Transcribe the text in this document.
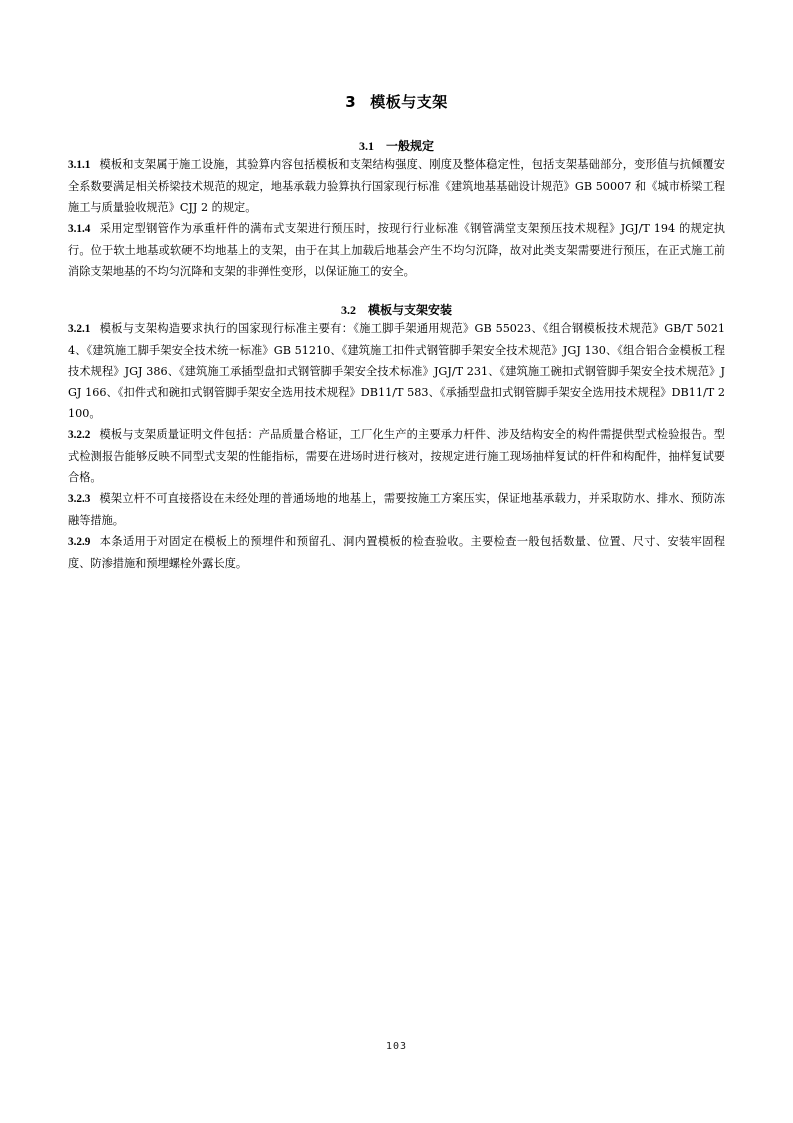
3 模板与支架
3.1 一般规定

3.1.1 模板和支架属于施工设施，其验算内容包括模板和支架结构强度、刚度及整体稳定性，包括支架基础部分，变形值与抗倾覆安全系数要满足相关桥梁技术规范的规定，地基承载力验算执行国家现行标准《建筑地基基础设计规范》GB 50007 和《城市桥梁工程施工与质量验收规范》CJJ 2 的规定。

3.1.4 采用定型钢管作为承重杆件的满布式支架进行预压时，按现行行业标准《钢管满堂支架预压技术规程》JGJ/T 194 的规定执行。位于软土地基或软硬不均地基上的支架，由于在其上加载后地基会产生不均匀沉降，故对此类支架需要进行预压，在正式施工前消除支架地基的不均匀沉降和支架的非弹性变形，以保证施工的安全。

3.2 模板与支架安装

3.2.1 模板与支架构造要求执行的国家现行标准主要有：《施工脚手架通用规范》GB 55023、《组合钢模板技术规范》GB/T 50214、《建筑施工脚手架安全技术统一标准》GB 51210、《建筑施工扣件式钢管脚手架安全技术规范》JGJ 130、《组合铝合金模板工程技术规程》JGJ 386、《建筑施工承插型盘扣式钢管脚手架安全技术标准》JGJ/T 231、《建筑施工碗扣式钢管脚手架安全技术规范》JGJ 166、《扣件式和碗扣式钢管脚手架安全选用技术规程》DB11/T 583、《承插型盘扣式钢管脚手架安全选用技术规程》DB11/T 2100。

3.2.2 模板与支架质量证明文件包括：产品质量合格证，工厂化生产的主要承力杆件、涉及结构安全的构件需提供型式检验报告。型式检测报告能够反映不同型式支架的性能指标，需要在进场时进行核对，按规定进行施工现场抽样复试的杆件和构配件，抽样复试要合格。

3.2.3 模架立杆不可直接搭设在未经处理的普通场地的地基上，需要按施工方案压实，保证地基承载力，并采取防水、排水、预防冻融等措施。

3.2.9 本条适用于对固定在模板上的预埋件和预留孔、洞内置模板的检查验收。主要检查一般包括数量、位置、尺寸、安装牢固程度、防渗措施和预埋螺栓外露长度。

103
